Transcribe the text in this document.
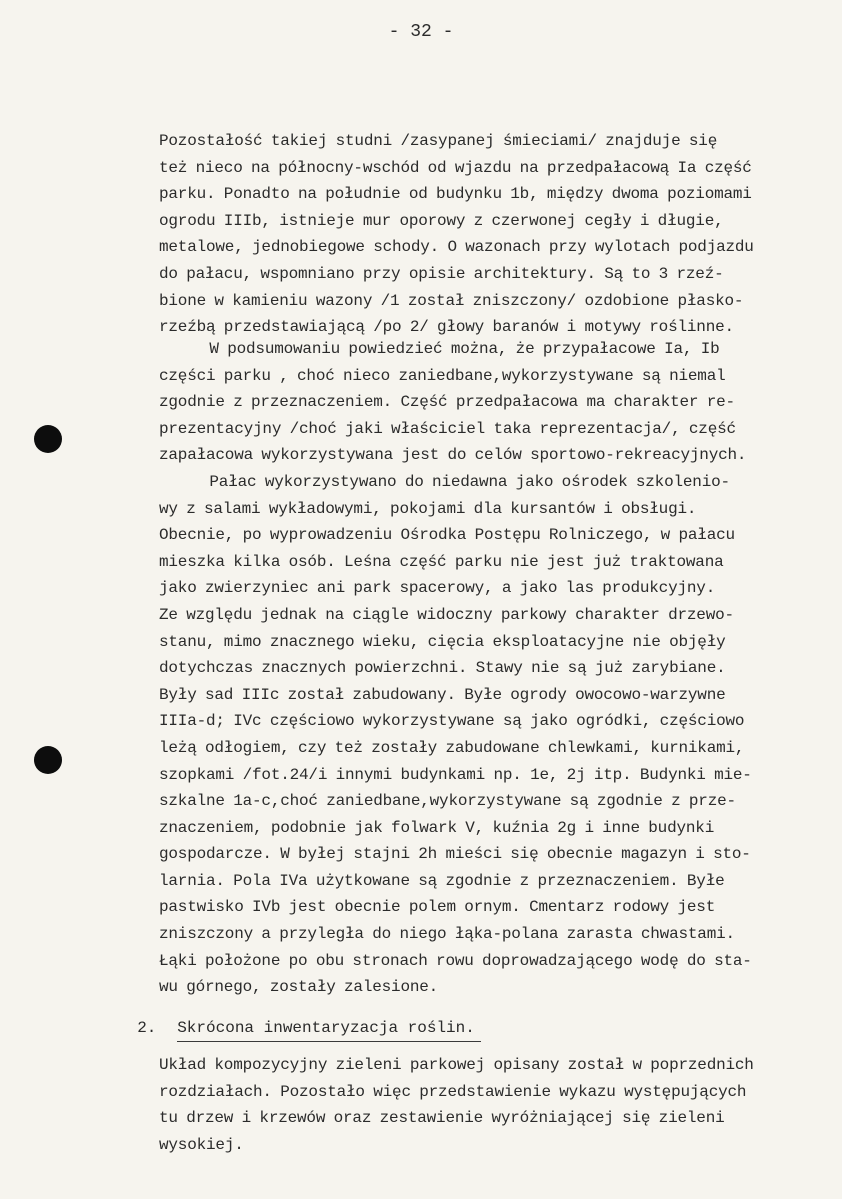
- 32 -
Pozostałość takiej studni /zasypanej śmieciami/ znajduje się
też nieco na północny-wschód od wjazdu na przedpałacową Ia część
parku. Ponadto na południe od budynku 1b, między dwoma poziomami
ogrodu IIIb, istnieje mur oporowy z czerwonej cegły i długie,
metalowe, jednobiegowe schody. O wazonach przy wylotach podjazdu
do pałacu, wspomniano przy opisie architektury. Są to 3 rzeź-
bione w kamieniu wazony /1 został zniszczony/ ozdobione płasko-
rzeźbą przedstawiającą /po 2/ głowy baranów i motywy roślinne.
W podsumowaniu powiedzieć można, że przypałacowe Ia, Ib
części parku , choć nieco zaniedbane,wykorzystywane są niemal
zgodnie z przeznaczeniem. Część przedpałacowa ma charakter re-
prezentacyjny /choć jaki właściciel taka reprezentacja/, część
zapałacowa wykorzystywana jest do celów sportowo-rekreacyjnych.
Pałac wykorzystywano do niedawna jako ośrodek szkolenio-
wy z salami wykładowymi, pokojami dla kursantów i obsługi.
Obecnie, po wyprowadzeniu Ośrodka Postępu Rolniczego, w pałacu
mieszka kilka osób. Leśna część parku nie jest już traktowana
jako zwierzyniec ani park spacerowy, a jako las produkcyjny.
Ze względu jednak na ciągle widoczny parkowy charakter drzewo-
stanu, mimo znacznego wieku, cięcia eksploatacyjne nie objęły
dotychczas znacznych powierzchni. Stawy nie są już zarybiane.
Były sad IIIc został zabudowany. Byłe ogrody owocowo-warzywne
IIIa-d; IVc częściowo wykorzystywane są jako ogródki, częściowo
leżą odłogiem, czy też zostały zabudowane chlewkami, kurnikami,
szopkami /fot.24/i innymi budynkami np. 1e, 2j itp. Budynki mie-
szkalne 1a-c,choć zaniedbane,wykorzystywane są zgodnie z prze-
znaczeniem, podobnie jak folwark V, kuźnia 2g i inne budynki
gospodarcze. W byłej stajni 2h mieści się obecnie magazyn i sto-
larnia. Pola IVa użytkowane są zgodnie z przeznaczeniem. Byłe
pastwisko IVb jest obecnie polem ornym. Cmentarz rodowy jest
zniszczony a przyległa do niego łąka-polana zarasta chwastami.
Łąki położone po obu stronach rowu doprowadzającego wodę do sta-
wu górnego, zostały zalesione.

2. Skrócona inwentaryzacja roślin.

Układ kompozycyjny zieleni parkowej opisany został w poprzednich
rozdziałach. Pozostało więc przedstawienie wykazu występujących
tu drzew i krzewów oraz zestawienie wyróżniającej się zieleni
wysokiej.
